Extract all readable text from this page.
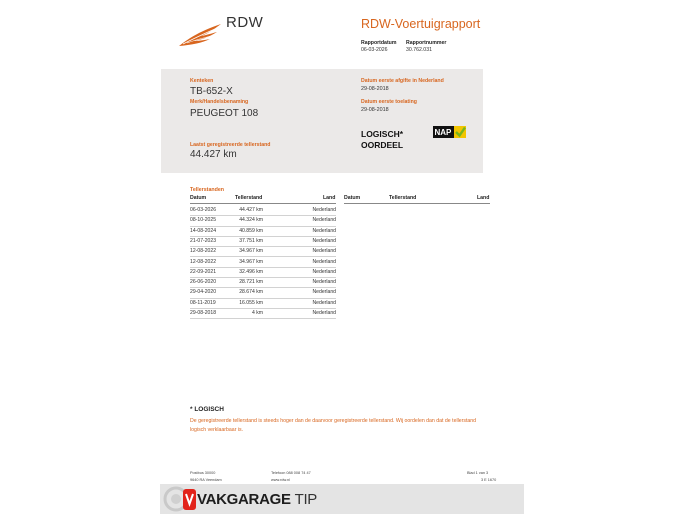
RDW	RDW-Voertuigrapport
Rapportdatum
06-03-2026
Rapportnummer
30.762.031
Kenteken
TB-652-X
Merk/Handelsbenaming
PEUGEOT 108
Laatst geregistreerde tellerstand
44.427 km
Datum eerste afgifte in Nederland
29-08-2018
Datum eerste toelating
29-08-2018
LOGISCH*
OORDEEL
NAP
Tellerstanden
Datum	Tellerstand	Land Datum	Tellerstand	Land
06-03-2026	44.427 km	Nederland
08-10-2025	44.324 km	Nederland
14-08-2024	40.859 km	Nederland
21-07-2023	37.751 km	Nederland
12-08-2022	34.967 km	Nederland
12-08-2022	34.967 km	Nederland
22-09-2021	32.496 km	Nederland
26-06-2020	28.721 km	Nederland
29-04-2020	28.674 km	Nederland
08-11-2019	16.055 km	Nederland
29-08-2018	4 km	Nederland
* LOGISCH
De geregistreerde tellerstand is steeds hoger dan de daarvoor geregistreerde tellerstand. Wij oordelen dan dat de tellerstand logisch verklaarbaar is.
Postbus 30000
9640 RA Veendam
Telefoon 088 008 74 47
www.rdw.nl
Blad 1 van 3
3 E 1670
VAKGARAGE TIP
